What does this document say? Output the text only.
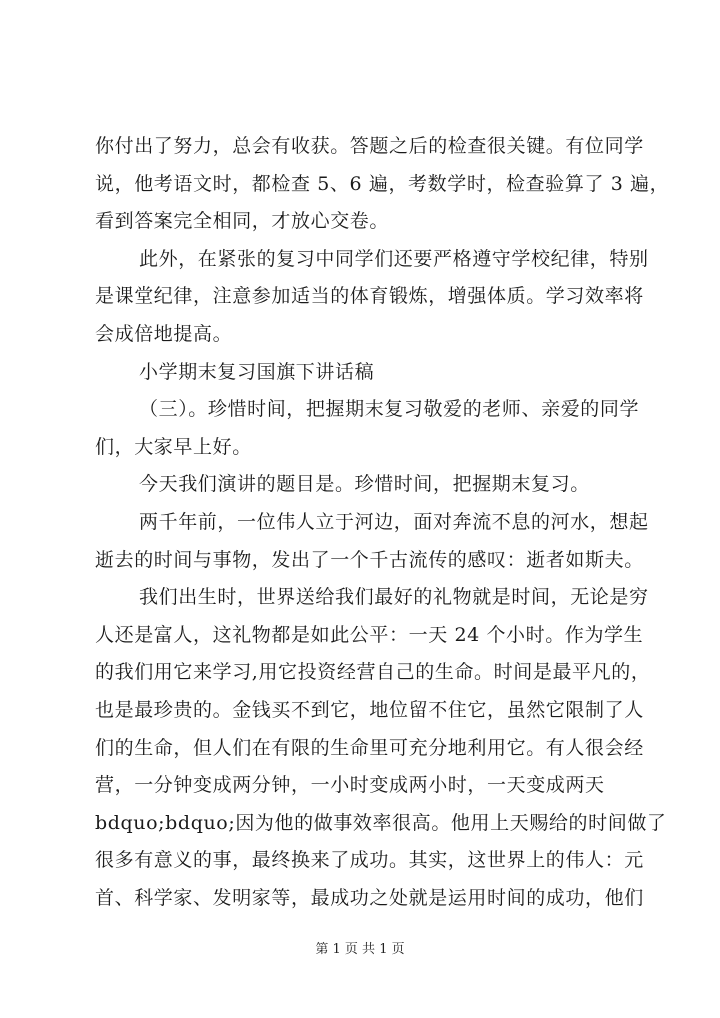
你付出了努力，总会有收获。答题之后的检查很关键。有位同学
说，他考语文时，都检查 5、6 遍，考数学时，检查验算了 3 遍，
看到答案完全相同，才放心交卷。
此外，在紧张的复习中同学们还要严格遵守学校纪律，特别
是课堂纪律，注意参加适当的体育锻炼，增强体质。学习效率将
会成倍地提高。
小学期末复习国旗下讲话稿
（三）。珍惜时间，把握期末复习敬爱的老师、亲爱的同学
们，大家早上好。
今天我们演讲的题目是。珍惜时间，把握期末复习。
两千年前，一位伟人立于河边，面对奔流不息的河水，想起
逝去的时间与事物，发出了一个千古流传的感叹：逝者如斯夫。
我们出生时，世界送给我们最好的礼物就是时间，无论是穷
人还是富人，这礼物都是如此公平：一天 24 个小时。作为学生
的我们用它来学习,用它投资经营自己的生命。时间是最平凡的，
也是最珍贵的。金钱买不到它，地位留不住它，虽然它限制了人
们的生命，但人们在有限的生命里可充分地利用它。有人很会经
营，一分钟变成两分钟，一小时变成两小时，一天变成两天
bdquo;bdquo;因为他的做事效率很高。他用上天赐给的时间做了
很多有意义的事，最终换来了成功。其实，这世界上的伟人：元
首、科学家、发明家等，最成功之处就是运用时间的成功，他们
第 1 页 共 1 页
